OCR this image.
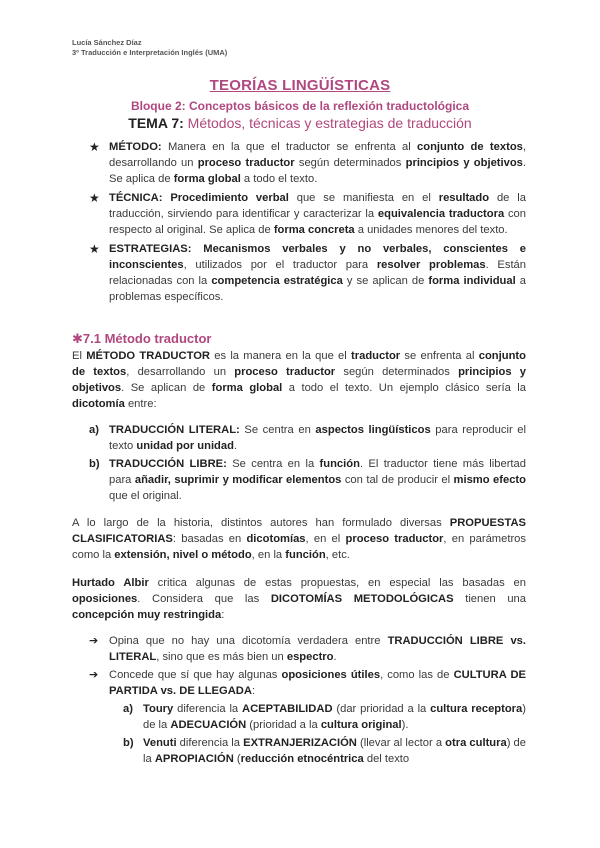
Lucía Sánchez Díaz
3º Traducción e Interpretación Inglés (UMA)
TEORÍAS LINGÜÍSTICAS
Bloque 2: Conceptos básicos de la reflexión traductológica
TEMA 7: Métodos, técnicas y estrategias de traducción
★ MÉTODO: Manera en la que el traductor se enfrenta al conjunto de textos, desarrollando un proceso traductor según determinados principios y objetivos. Se aplica de forma global a todo el texto.

★ TÉCNICA: Procedimiento verbal que se manifiesta en el resultado de la traducción, sirviendo para identificar y caracterizar la equivalencia traductora con respecto al original. Se aplica de forma concreta a unidades menores del texto.

★ ESTRATEGIAS: Mecanismos verbales y no verbales, conscientes e inconscientes, utilizados por el traductor para resolver problemas. Están relacionadas con la competencia estratégica y se aplican de forma individual a problemas específicos.

✱7.1 Método traductor

El MÉTODO TRADUCTOR es la manera en la que el traductor se enfrenta al conjunto de textos, desarrollando un proceso traductor según determinados principios y objetivos. Se aplican de forma global a todo el texto. Un ejemplo clásico sería la dicotomía entre:

a) TRADUCCIÓN LITERAL: Se centra en aspectos lingüísticos para reproducir el texto unidad por unidad.

b) TRADUCCIÓN LIBRE: Se centra en la función. El traductor tiene más libertad para añadir, suprimir y modificar elementos con tal de producir el mismo efecto que el original.

A lo largo de la historia, distintos autores han formulado diversas PROPUESTAS CLASIFICATORIAS: basadas en dicotomías, en el proceso traductor, en parámetros como la extensión, nivel o método, en la función, etc.

Hurtado Albir critica algunas de estas propuestas, en especial las basadas en oposiciones. Considera que las DICOTOMÍAS METODOLÓGICAS tienen una concepción muy restringida:

➔ Opina que no hay una dicotomía verdadera entre TRADUCCIÓN LIBRE vs. LITERAL, sino que es más bien un espectro.

➔ Concede que sí que hay algunas oposiciones útiles, como las de CULTURA DE PARTIDA vs. DE LLEGADA:

a) Toury diferencia la ACEPTABILIDAD (dar prioridad a la cultura receptora) de la ADECUACIÓN (prioridad a la cultura original).

b) Venuti diferencia la EXTRANJERIZACIÓN (llevar al lector a otra cultura) de la APROPIACIÓN (reducción etnocéntrica del texto
